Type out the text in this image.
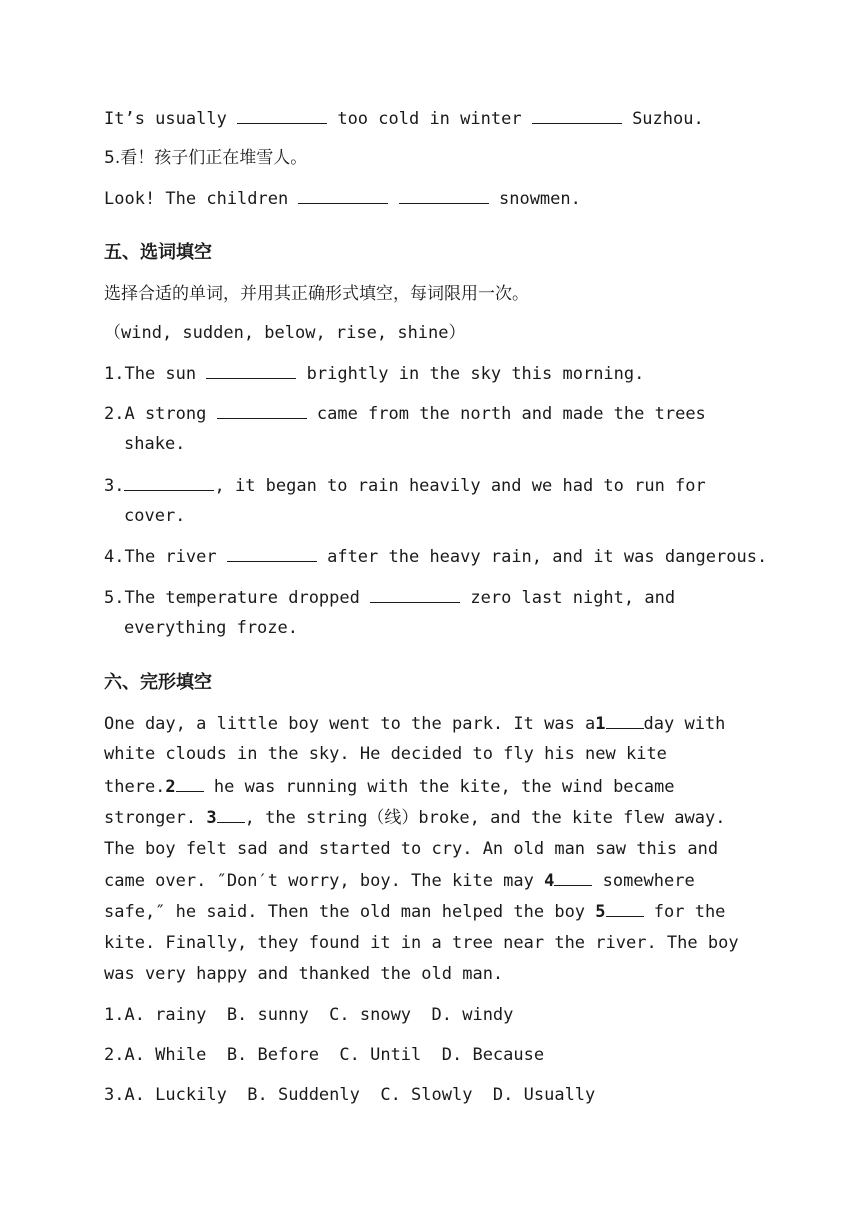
It’s usually	too cold in winter	Suzhou.
5.看！孩子们正在堆雪人。
Look! The children	snowmen.
五、选词填空
选择合适的单词，并用其正确形式填空，每词限用一次。
（wind, sudden, below, rise, shine）
1.The sun	brightly in the sky this morning.
2.A strong	came from the north and made the trees
shake.
3.	, it began to rain heavily and we had to run for
cover.
4.The river	after the heavy rain, and it was dangerous.
5.The temperature dropped	zero last night, and
everything froze.
六、完形填空
One day, a little boy went to the park. It was a1 day with
white clouds in the sky. He decided to fly his new kite
there.2 he was running with the kite, the wind became
stronger. 3 , the string（线）broke, and the kite flew away.
The boy felt sad and started to cry. An old man saw this and
came over. ″Don′t worry, boy. The kite may 4 somewhere
safe,″ he said. Then the old man helped the boy 5 for the
kite. Finally, they found it in a tree near the river. The boy
was very happy and thanked the old man.
1.A. rainy  B. sunny  C. snowy  D. windy
2.A. While  B. Before  C. Until  D. Because
3.A. Luckily  B. Suddenly  C. Slowly  D. Usually
